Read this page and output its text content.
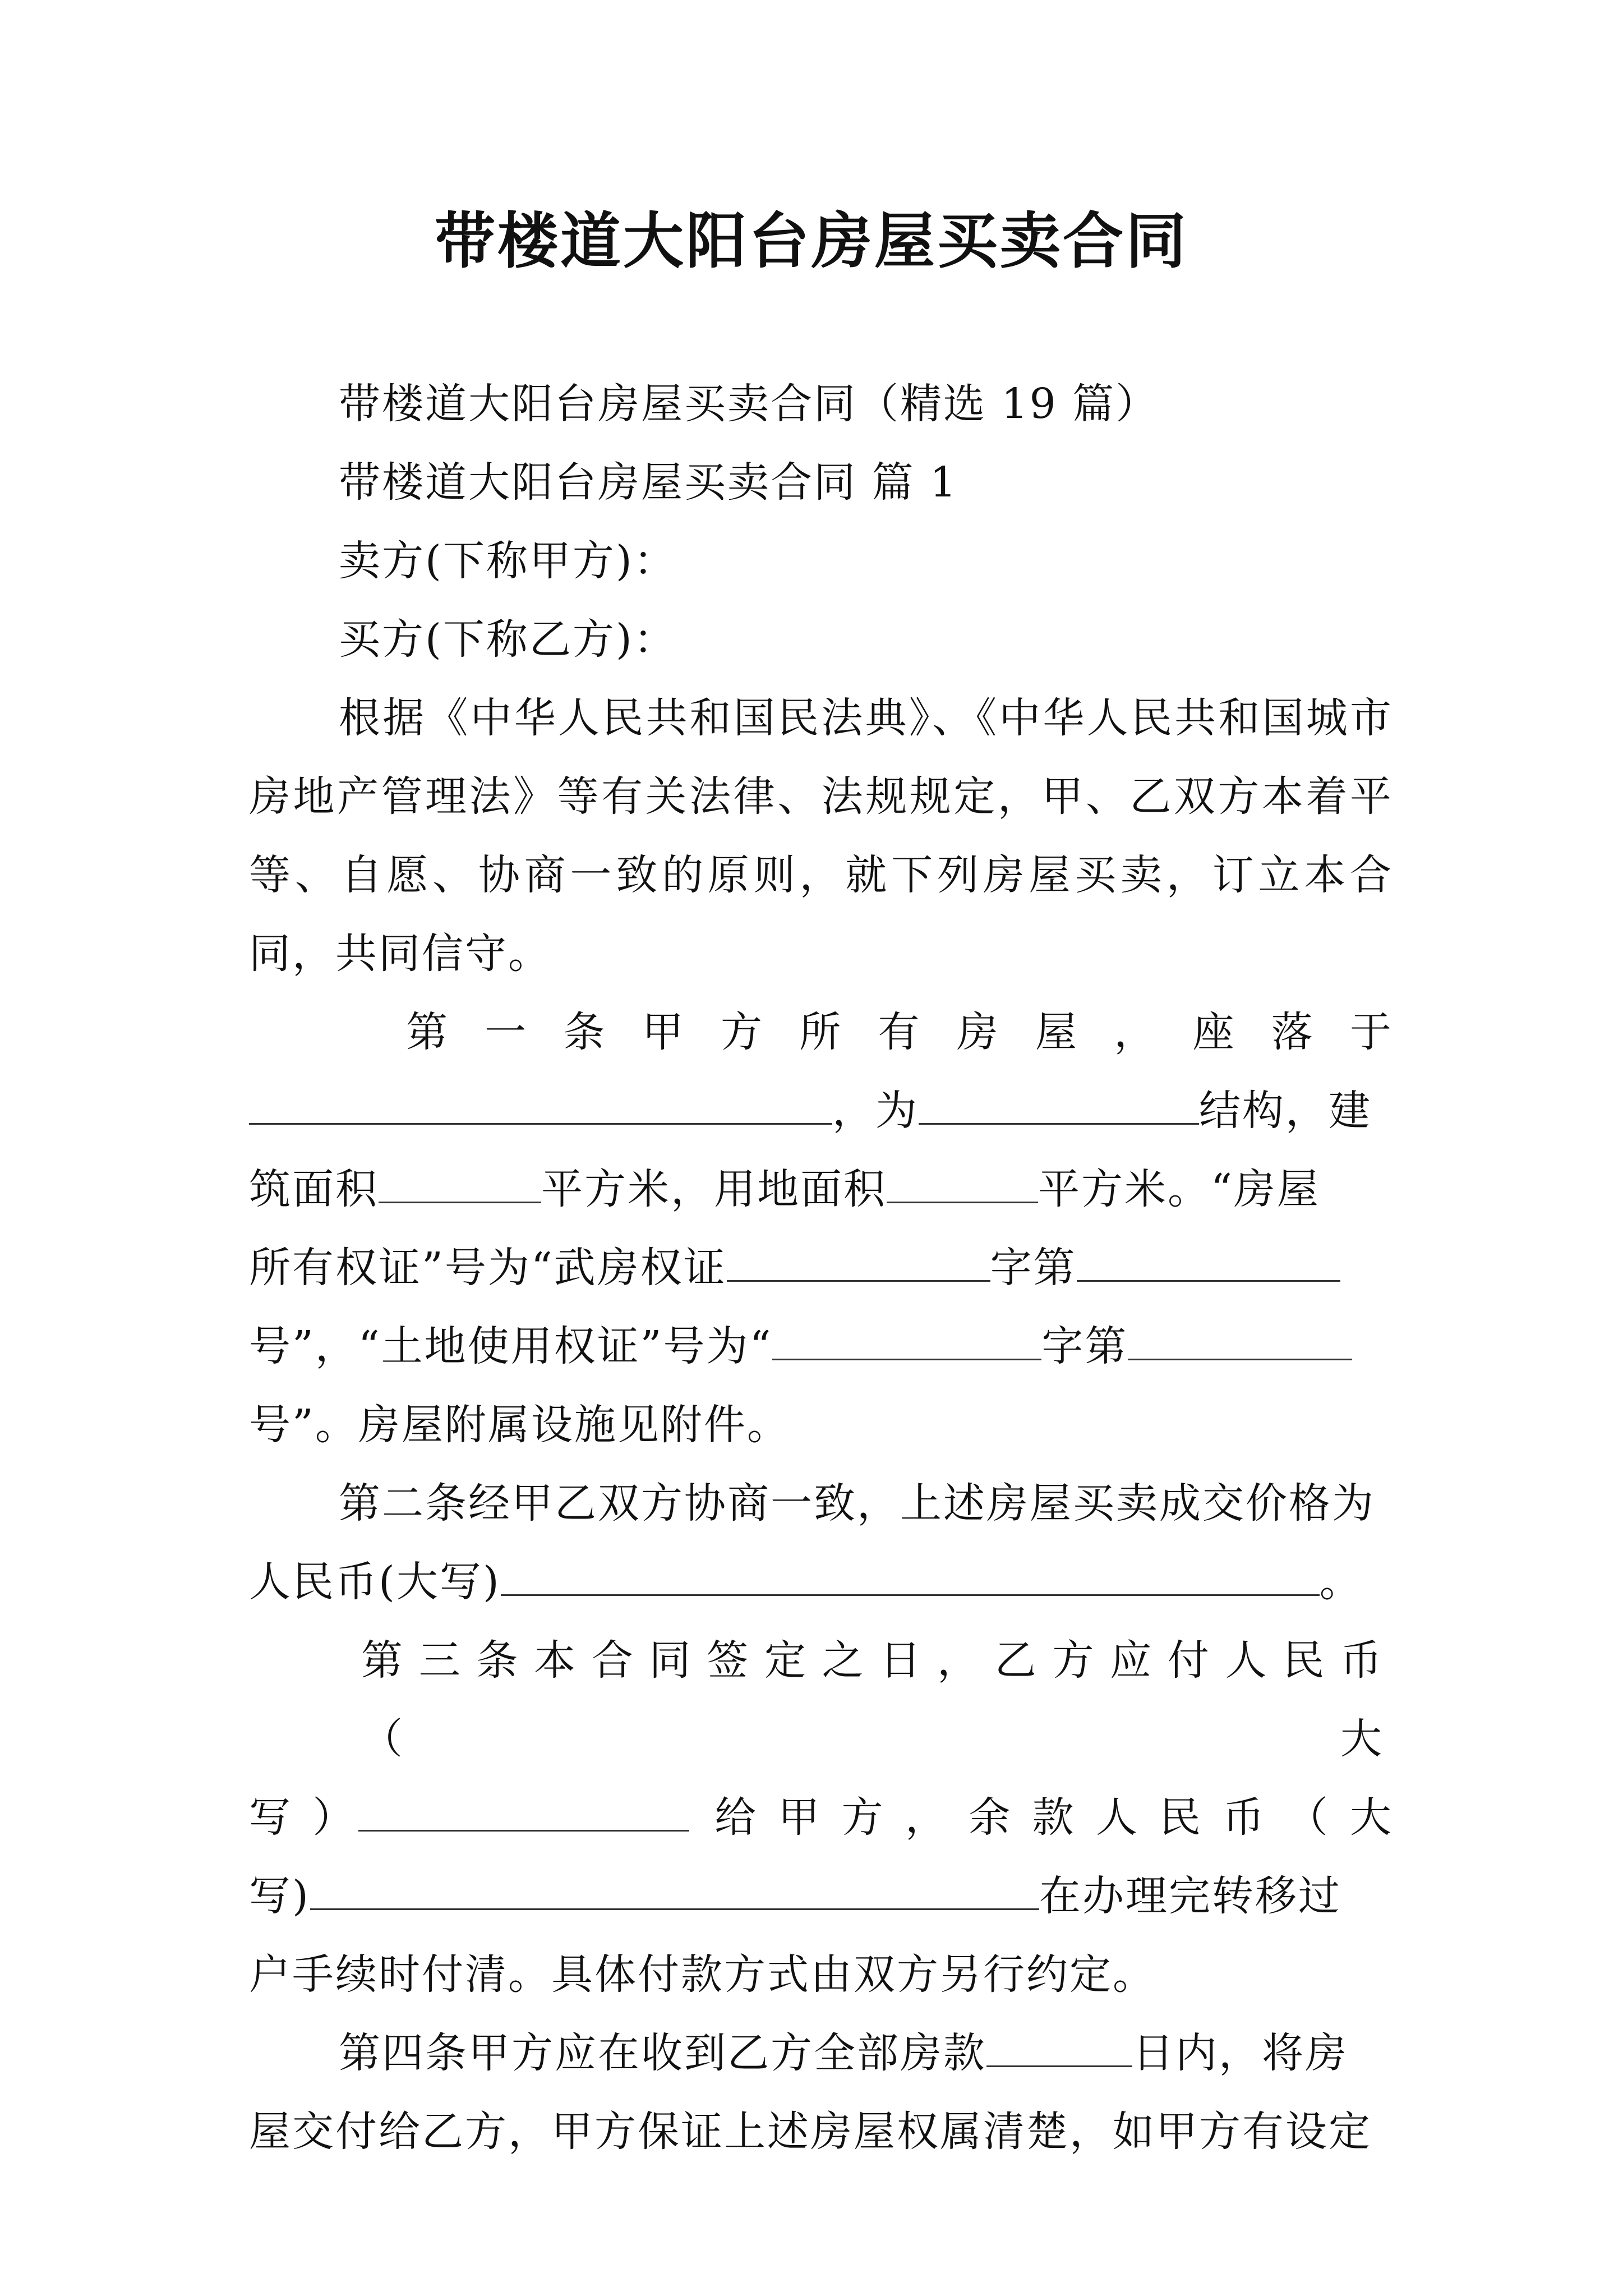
带楼道大阳台房屋买卖合同

带楼道大阳台房屋买卖合同（精选 19 篇）

带楼道大阳台房屋买卖合同 篇 1

卖方(下称甲方)：

买方(下称乙方)：

根据《中华人民共和国民法典》、《中华人民共和国城市房地产管理法》等有关法律、法规规定，甲、乙双方本着平等、自愿、协商一致的原则，就下列房屋买卖，订立本合同，共同信守。

第 一 条 甲 方 所 有 房 屋 ， 座 落 于

，为	结构，建

筑面积	平方米，用地面积	平方米。“房屋

所有权证”号为“武房权证	字第

号”，“土地使用权证”号为“	字第

号”。房屋附属设施见附件。

第二条经甲乙双方协商一致，上述房屋买卖成交价格为

人民币(大写)	。

第三条本合同签定之日，乙方应付人民币（大

写 ）	给 甲 方 ， 余 款 人 民 币 （ 大

写)	在办理完转移过

户手续时付清。具体付款方式由双方另行约定。

第四条甲方应在收到乙方全部房款	日内，将房

屋交付给乙方，甲方保证上述房屋权属清楚，如甲方有设定
